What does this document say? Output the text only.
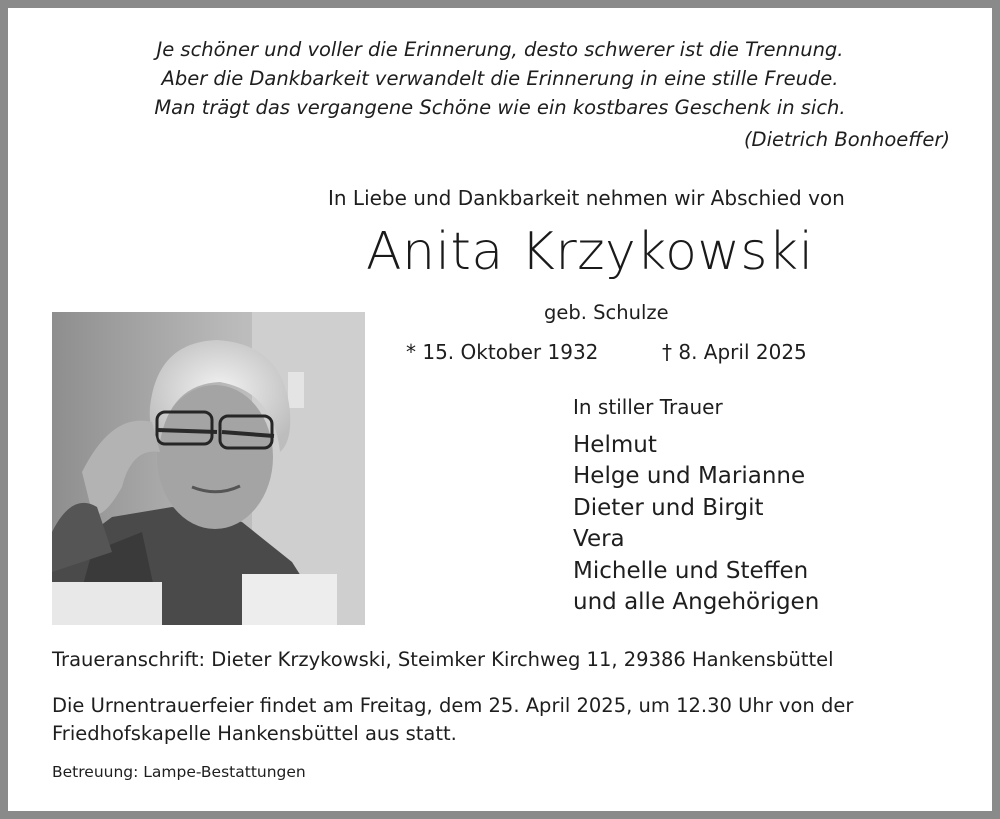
Je schöner und voller die Erinnerung, desto schwerer ist die Trennung.
Aber die Dankbarkeit verwandelt die Erinnerung in eine stille Freude.
Man trägt das vergangene Schöne wie ein kostbares Geschenk in sich.
(Dietrich Bonhoeffer)
In Liebe und Dankbarkeit nehmen wir Abschied von
Anita Krzykowski
geb. Schulze
* 15. Oktober 1932	† 8. April 2025
In stiller Trauer
Helmut
Helge und Marianne
Dieter und Birgit
Vera
Michelle und Steffen
und alle Angehörigen
Traueranschrift: Dieter Krzykowski, Steimker Kirchweg 11, 29386 Hankensbüttel
Die Urnentrauerfeier findet am Freitag, dem 25. April 2025, um 12.30 Uhr von der
Friedhofskapelle Hankensbüttel aus statt.
Betreuung: Lampe-Bestattungen
